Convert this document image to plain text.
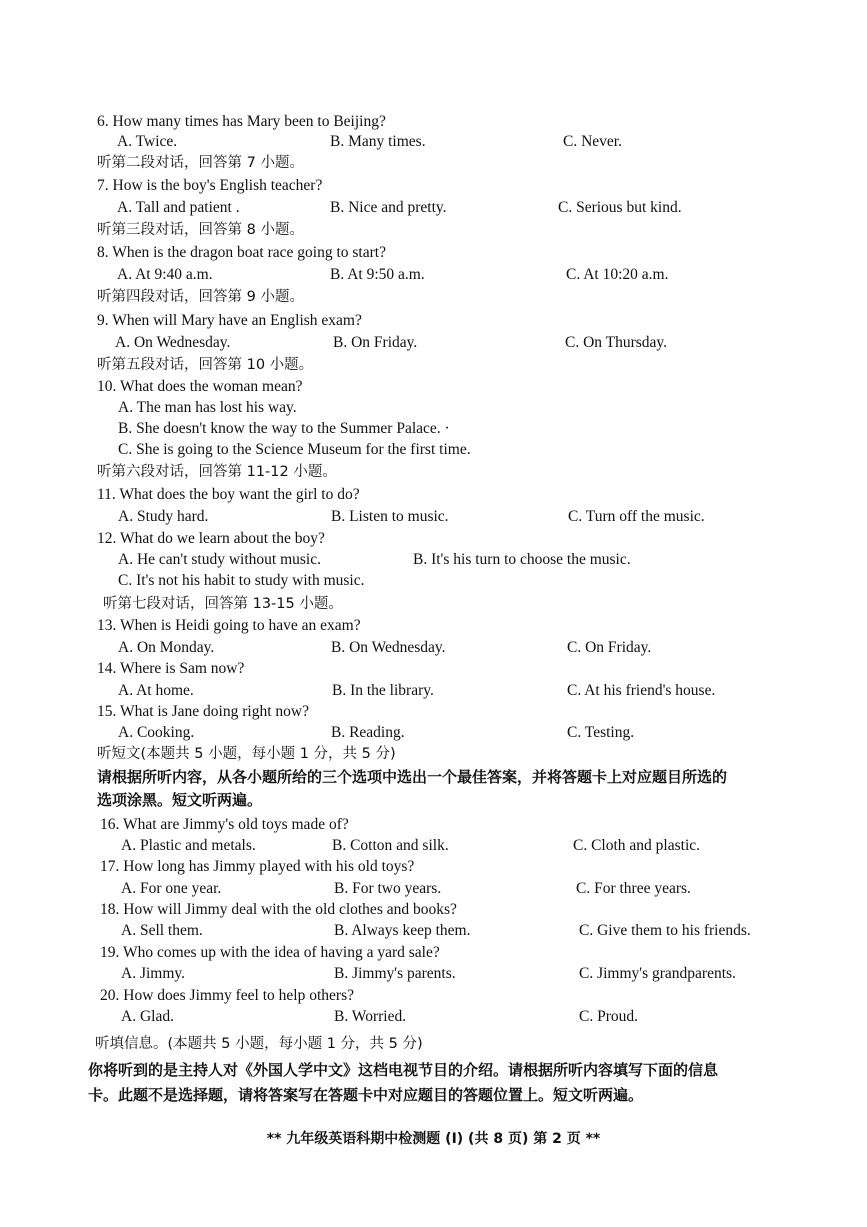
6. How many times has Mary been to Beijing?
A. Twice.	B. Many times.	C. Never.
听第二段对话，回答第 7 小题。
7. How is the boy's English teacher?
A. Tall and patient .	B. Nice and pretty.	C. Serious but kind.
听第三段对话，回答第 8 小题。
8. When is the dragon boat race going to start?
A. At 9:40 a.m.	B. At 9:50 a.m.	C. At 10:20 a.m.
听第四段对话，回答第 9 小题。
9. When will Mary have an English exam?
A. On Wednesday.	B. On Friday.	C. On Thursday.
听第五段对话，回答第 10 小题。
10. What does the woman mean?
A. The man has lost his way.
B. She doesn't know the way to the Summer Palace. ·
C. She is going to the Science Museum for the first time.
听第六段对话，回答第 11-12 小题。
11. What does the boy want the girl to do?
A. Study hard.	B. Listen to music.	C. Turn off the music.
12. What do we learn about the boy?
A. He can't study without music.	B. It's his turn to choose the music.
C. It's not his habit to study with music.
听第七段对话，回答第 13-15 小题。
13. When is Heidi going to have an exam?
A. On Monday.	B. On Wednesday.	C. On Friday.
14. Where is Sam now?
A. At home.	B. In the library.	C. At his friend's house.
15. What is Jane doing right now?
A. Cooking.	B. Reading.	C. Testing.
听短文(本题共 5 小题，每小题 1 分，共 5 分)
请根据所听内容，从各小题所给的三个选项中选出一个最佳答案，并将答题卡上对应题目所选的
选项涂黑。短文听两遍。
16. What are Jimmy's old toys made of?
A. Plastic and metals.	B. Cotton and silk.	C. Cloth and plastic.
17. How long has Jimmy played with his old toys?
A. For one year.	B. For two years.	C. For three years.
18. How will Jimmy deal with the old clothes and books?
A. Sell them.	B. Always keep them.	C. Give them to his friends.
19. Who comes up with the idea of having a yard sale?
A. Jimmy.	B. Jimmy's parents.	C. Jimmy's grandparents.
20. How does Jimmy feel to help others?
A. Glad.	B. Worried.	C. Proud.
听填信息。(本题共 5 小题，每小题 1 分，共 5 分)
你将听到的是主持人对《外国人学中文》这档电视节目的介绍。请根据所听内容填写下面的信息
卡。此题不是选择题，请将答案写在答题卡中对应题目的答题位置上。短文听两遍。
** 九年级英语科期中检测题 (I) (共 8 页) 第 2 页 **
